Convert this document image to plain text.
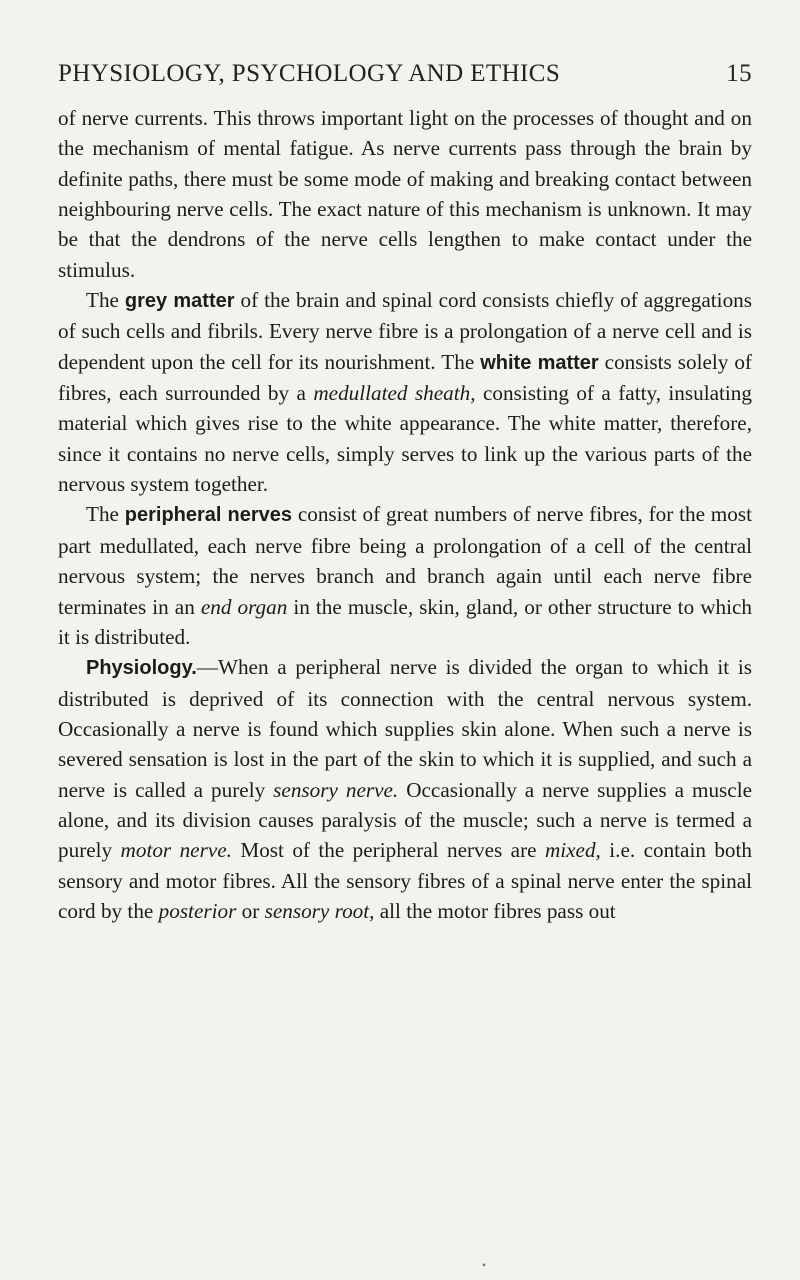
PHYSIOLOGY, PSYCHOLOGY AND ETHICS	15

of nerve currents. This throws important light on the processes of thought and on the mechanism of mental fatigue. As nerve currents pass through the brain by definite paths, there must be some mode of making and breaking contact between neighbouring nerve cells. The exact nature of this mechanism is unknown. It may be that the dendrons of the nerve cells lengthen to make contact under the stimulus.

The grey matter of the brain and spinal cord consists chiefly of aggregations of such cells and fibrils. Every nerve fibre is a prolongation of a nerve cell and is dependent upon the cell for its nourishment. The white matter consists solely of fibres, each surrounded by a medullated sheath, consisting of a fatty, insulating material which gives rise to the white appearance. The white matter, therefore, since it contains no nerve cells, simply serves to link up the various parts of the nervous system together.

The peripheral nerves consist of great numbers of nerve fibres, for the most part medullated, each nerve fibre being a prolongation of a cell of the central nervous system; the nerves branch and branch again until each nerve fibre terminates in an end organ in the muscle, skin, gland, or other structure to which it is distributed.

Physiology.—When a peripheral nerve is divided the organ to which it is distributed is deprived of its connection with the central nervous system. Occasionally a nerve is found which supplies skin alone. When such a nerve is severed sensation is lost in the part of the skin to which it is supplied, and such a nerve is called a purely sensory nerve. Occasionally a nerve supplies a muscle alone, and its division causes paralysis of the muscle; such a nerve is termed a purely motor nerve. Most of the peripheral nerves are mixed, i.e. contain both sensory and motor fibres. All the sensory fibres of a spinal nerve enter the spinal cord by the posterior or sensory root, all the motor fibres pass out

•
